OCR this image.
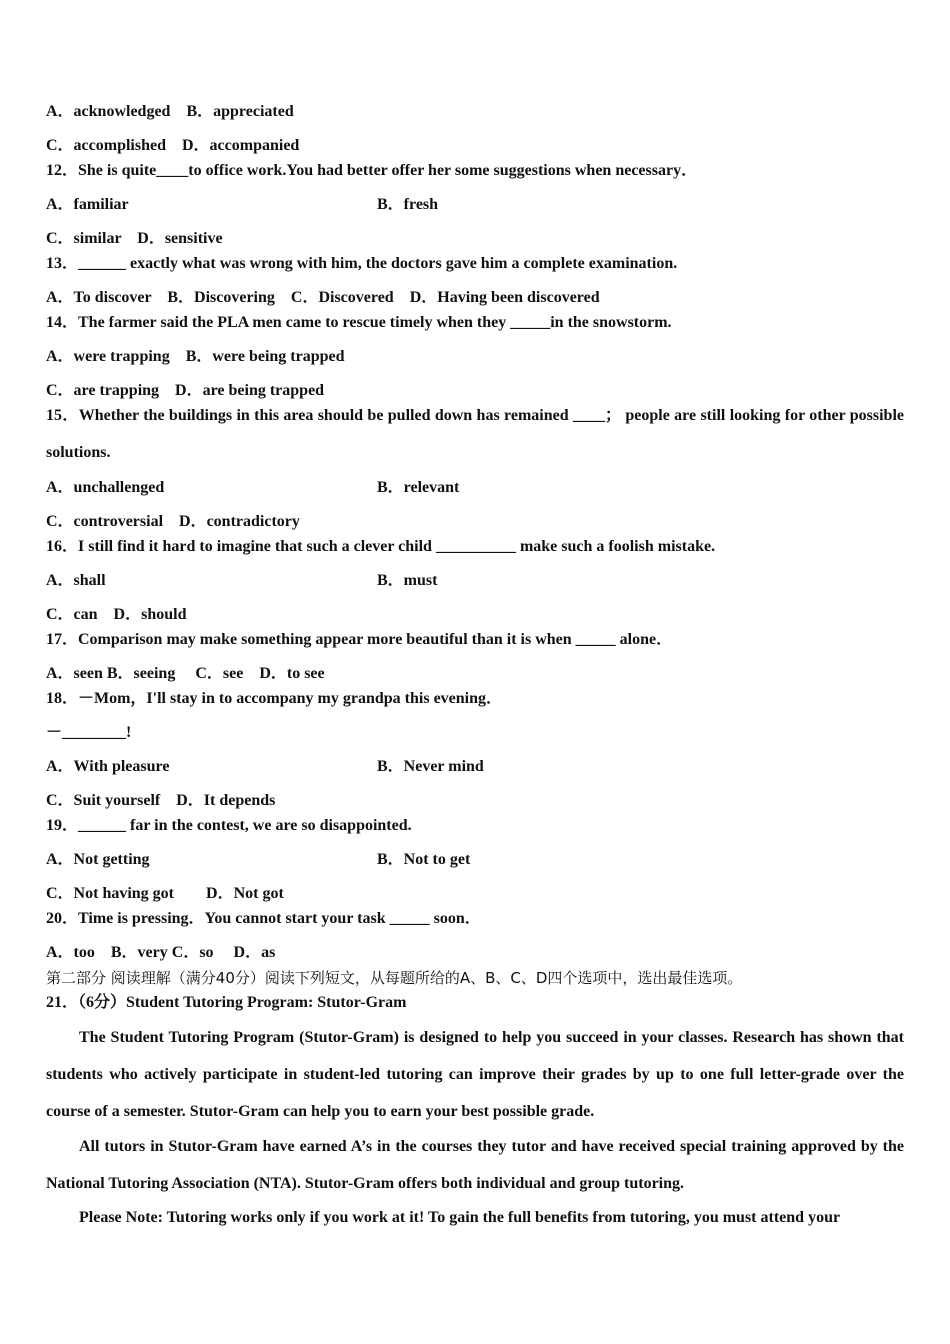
A．acknowledged　B．appreciated
C．accomplished　D．accompanied
12．She is quite____to office work.You had better offer her some suggestions when necessary．
A．familiar	B．fresh
C．similar　D．sensitive
13．______ exactly what was wrong with him, the doctors gave him a complete examination.
A．To discover　B．Discovering　C．Discovered　D．Having been discovered
14．The farmer said the PLA men came to rescue timely when they _____in the snowstorm.
A．were trapping　B．were being trapped
C．are trapping　D．are being trapped
15．Whether the buildings in this area should be pulled down has remained ____； people are still looking for other possible solutions.
A．unchallenged	B．relevant
C．controversial　D．contradictory
16．I still find it hard to imagine that such a clever child __________ make such a foolish mistake.
A．shall	B．must
C．can　D．should
17．Comparison may make something appear more beautiful than it is when _____ alone．
A．seen B．seeing　 C．see　D．to see
18．－Mom，I'll stay in to accompany my grandpa this evening．
－________!
A．With pleasure	B．Never mind
C．Suit yourself　D．It depends
19．______ far in the contest, we are so disappointed.
A．Not getting	B．Not to get
C．Not having got　　D．Not got
20．Time is pressing．You cannot start your task _____ soon．
A．too　B．very C．so　 D．as
第二部分 阅读理解（满分40分）阅读下列短文，从每题所给的A、B、C、D四个选项中，选出最佳选项。
21．（6分）Student Tutoring Program: Stutor-Gram
The Student Tutoring Program (Stutor-Gram) is designed to help you succeed in your classes. Research has shown that students who actively participate in student-led tutoring can improve their grades by up to one full letter-grade over the course of a semester. Stutor-Gram can help you to earn your best possible grade.
All tutors in Stutor-Gram have earned A’s in the courses they tutor and have received special training approved by the National Tutoring Association (NTA). Stutor-Gram offers both individual and group tutoring.
Please Note: Tutoring works only if you work at it! To gain the full benefits from tutoring, you must attend your
